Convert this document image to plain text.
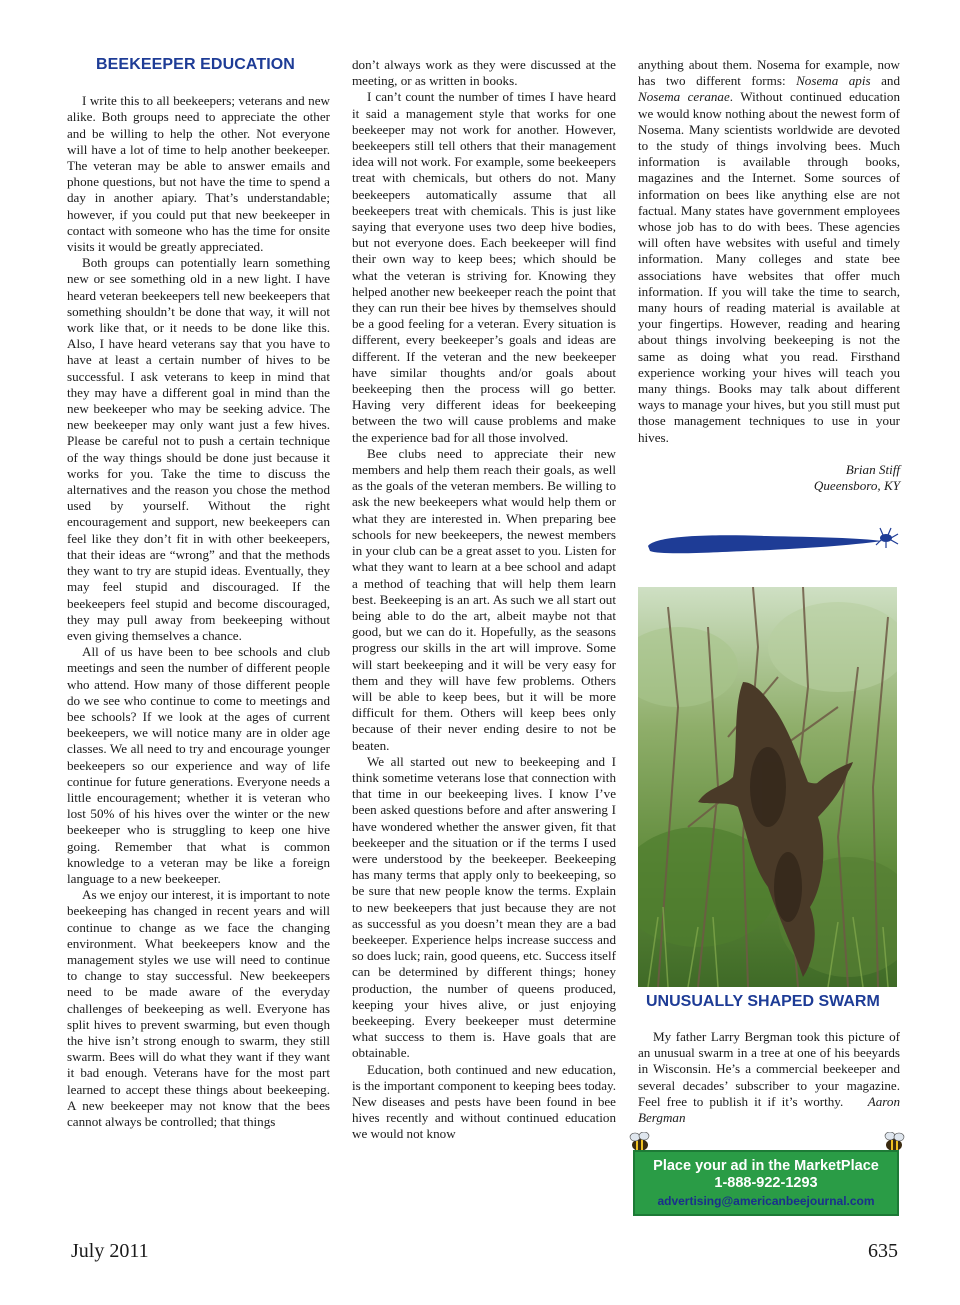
BEEKEEPER EDUCATION

I write this to all beekeepers; veterans and new alike. Both groups need to appreciate the other and be willing to help the other. Not everyone will have a lot of time to help another beekeeper. The veteran may be able to answer emails and phone questions, but not have the time to spend a day in another apiary. That’s understandable; however, if you could put that new beekeeper in contact with someone who has the time for onsite visits it would be greatly appreciated.

Both groups can potentially learn something new or see something old in a new light. I have heard veteran beekeepers tell new beekeepers that something shouldn’t be done that way, it will not work like that, or it needs to be done like this. Also, I have heard veterans say that you have to have at least a certain number of hives to be successful. I ask veterans to keep in mind that they may have a different goal in mind than the new beekeeper who may be seeking advice. The new beekeeper may only want just a few hives. Please be careful not to push a certain technique of the way things should be done just because it works for you. Take the time to discuss the alternatives and the reason you chose the method used by yourself. Without the right encouragement and support, new beekeepers can feel like they don’t fit in with other beekeepers, that their ideas are “wrong” and that the methods they want to try are stupid ideas. Eventually, they may feel stupid and discouraged. If the beekeepers feel stupid and become discouraged, they may pull away from beekeeping without even giving themselves a chance.

All of us have been to bee schools and club meetings and seen the number of different people who attend. How many of those different people do we see who continue to come to meetings and bee schools? If we look at the ages of current beekeepers, we will notice many are in older age classes. We all need to try and encourage younger beekeepers so our experience and way of life continue for future generations. Everyone needs a little encouragement; whether it is veteran who lost 50% of his hives over the winter or the new beekeeper who is struggling to keep one hive going. Remember that what is common knowledge to a veteran may be like a foreign language to a new beekeeper.

As we enjoy our interest, it is important to note beekeeping has changed in recent years and will continue to change as we face the changing environment. What beekeepers know and the management styles we use will need to continue to change to stay successful. New beekeepers need to be made aware of the everyday challenges of beekeeping as well. Everyone has split hives to prevent swarming, but even though the hive isn’t strong enough to swarm, they still swarm. Bees will do what they want if they want it bad enough. Veterans have for the most part learned to accept these things about beekeeping. A new beekeeper may not know that the bees cannot always be controlled; that things

don’t always work as they were discussed at the meeting, or as written in books.

I can’t count the number of times I have heard it said a management style that works for one beekeeper may not work for another. However, beekeepers still tell others that their management idea will not work. For example, some beekeepers treat with chemicals, but others do not. Many beekeepers automatically assume that all beekeepers treat with chemicals. This is just like saying that everyone uses two deep hive bodies, but not everyone does. Each beekeeper will find their own way to keep bees; which should be what the veteran is striving for. Knowing they helped another new beekeeper reach the point that they can run their bee hives by themselves should be a good feeling for a veteran. Every situation is different, every beekeeper’s goals and ideas are different. If the veteran and the new beekeeper have similar thoughts and/or goals about beekeeping then the process will go better. Having very different ideas for beekeeping between the two will cause problems and make the experience bad for all those involved.

Bee clubs need to appreciate their new members and help them reach their goals, as well as the goals of the veteran members. Be willing to ask the new beekeepers what would help them or what they are interested in. When preparing bee schools for new beekeepers, the newest members in your club can be a great asset to you. Listen for what they want to learn at a bee school and adapt a method of teaching that will help them learn best. Beekeeping is an art. As such we all start out being able to do the art, albeit maybe not that good, but we can do it. Hopefully, as the seasons progress our skills in the art will improve. Some will start beekeeping and it will be very easy for them and they will have few problems. Others will be able to keep bees, but it will be more difficult for them. Others will keep bees only because of their never ending desire to not be beaten.

We all started out new to beekeeping and I think sometime veterans lose that connection with that time in our beekeeping lives. I know I’ve been asked questions before and after answering I have wondered whether the answer given, fit that beekeeper and the situation or if the terms I used were understood by the beekeeper. Beekeeping has many terms that apply only to beekeeping, so be sure that new people know the terms. Explain to new beekeepers that just because they are not as successful as you doesn’t mean they are a bad beekeeper. Experience helps increase success and so does luck; rain, good queens, etc. Success itself can be determined by different things; honey production, the number of queens produced, keeping your hives alive, or just enjoying beekeeping. Every beekeeper must determine what success to them is. Have goals that are obtainable.

Education, both continued and new education, is the important component to keeping bees today. New diseases and pests have been found in bee hives recently and without continued education we would not know

anything about them. Nosema for example, now has two different forms: Nosema apis and Nosema ceranae. Without continued education we would know nothing about the newest form of Nosema. Many scientists worldwide are devoted to the study of things involving bees. Much information is available through books, magazines and the Internet. Some sources of information on bees like anything else are not factual. Many states have government employees whose job has to do with bees. These agencies will often have websites with useful and timely information. Many colleges and state bee associations have websites that offer much information. If you will take the time to search, many hours of reading material is available at your fingertips. However, reading and hearing about things involving beekeeping is not the same as doing what you read. Firsthand experience working your hives will teach you many things. Books may talk about different ways to manage your hives, but you still must put those management techniques to use in your hives.

Brian Stiff
Queensboro, KY
UNUSUALLY SHAPED SWARM

My father Larry Bergman took this picture of an unusual swarm in a tree at one of his beeyards in Wisconsin. He’s a commercial beekeeper and several decades’ subscriber to your magazine. Feel free to publish it if it’s worthy. Aaron Bergman

Place your ad in the MarketPlace
1-888-922-1293
advertising@americanbeejournal.com
July 2011	635
